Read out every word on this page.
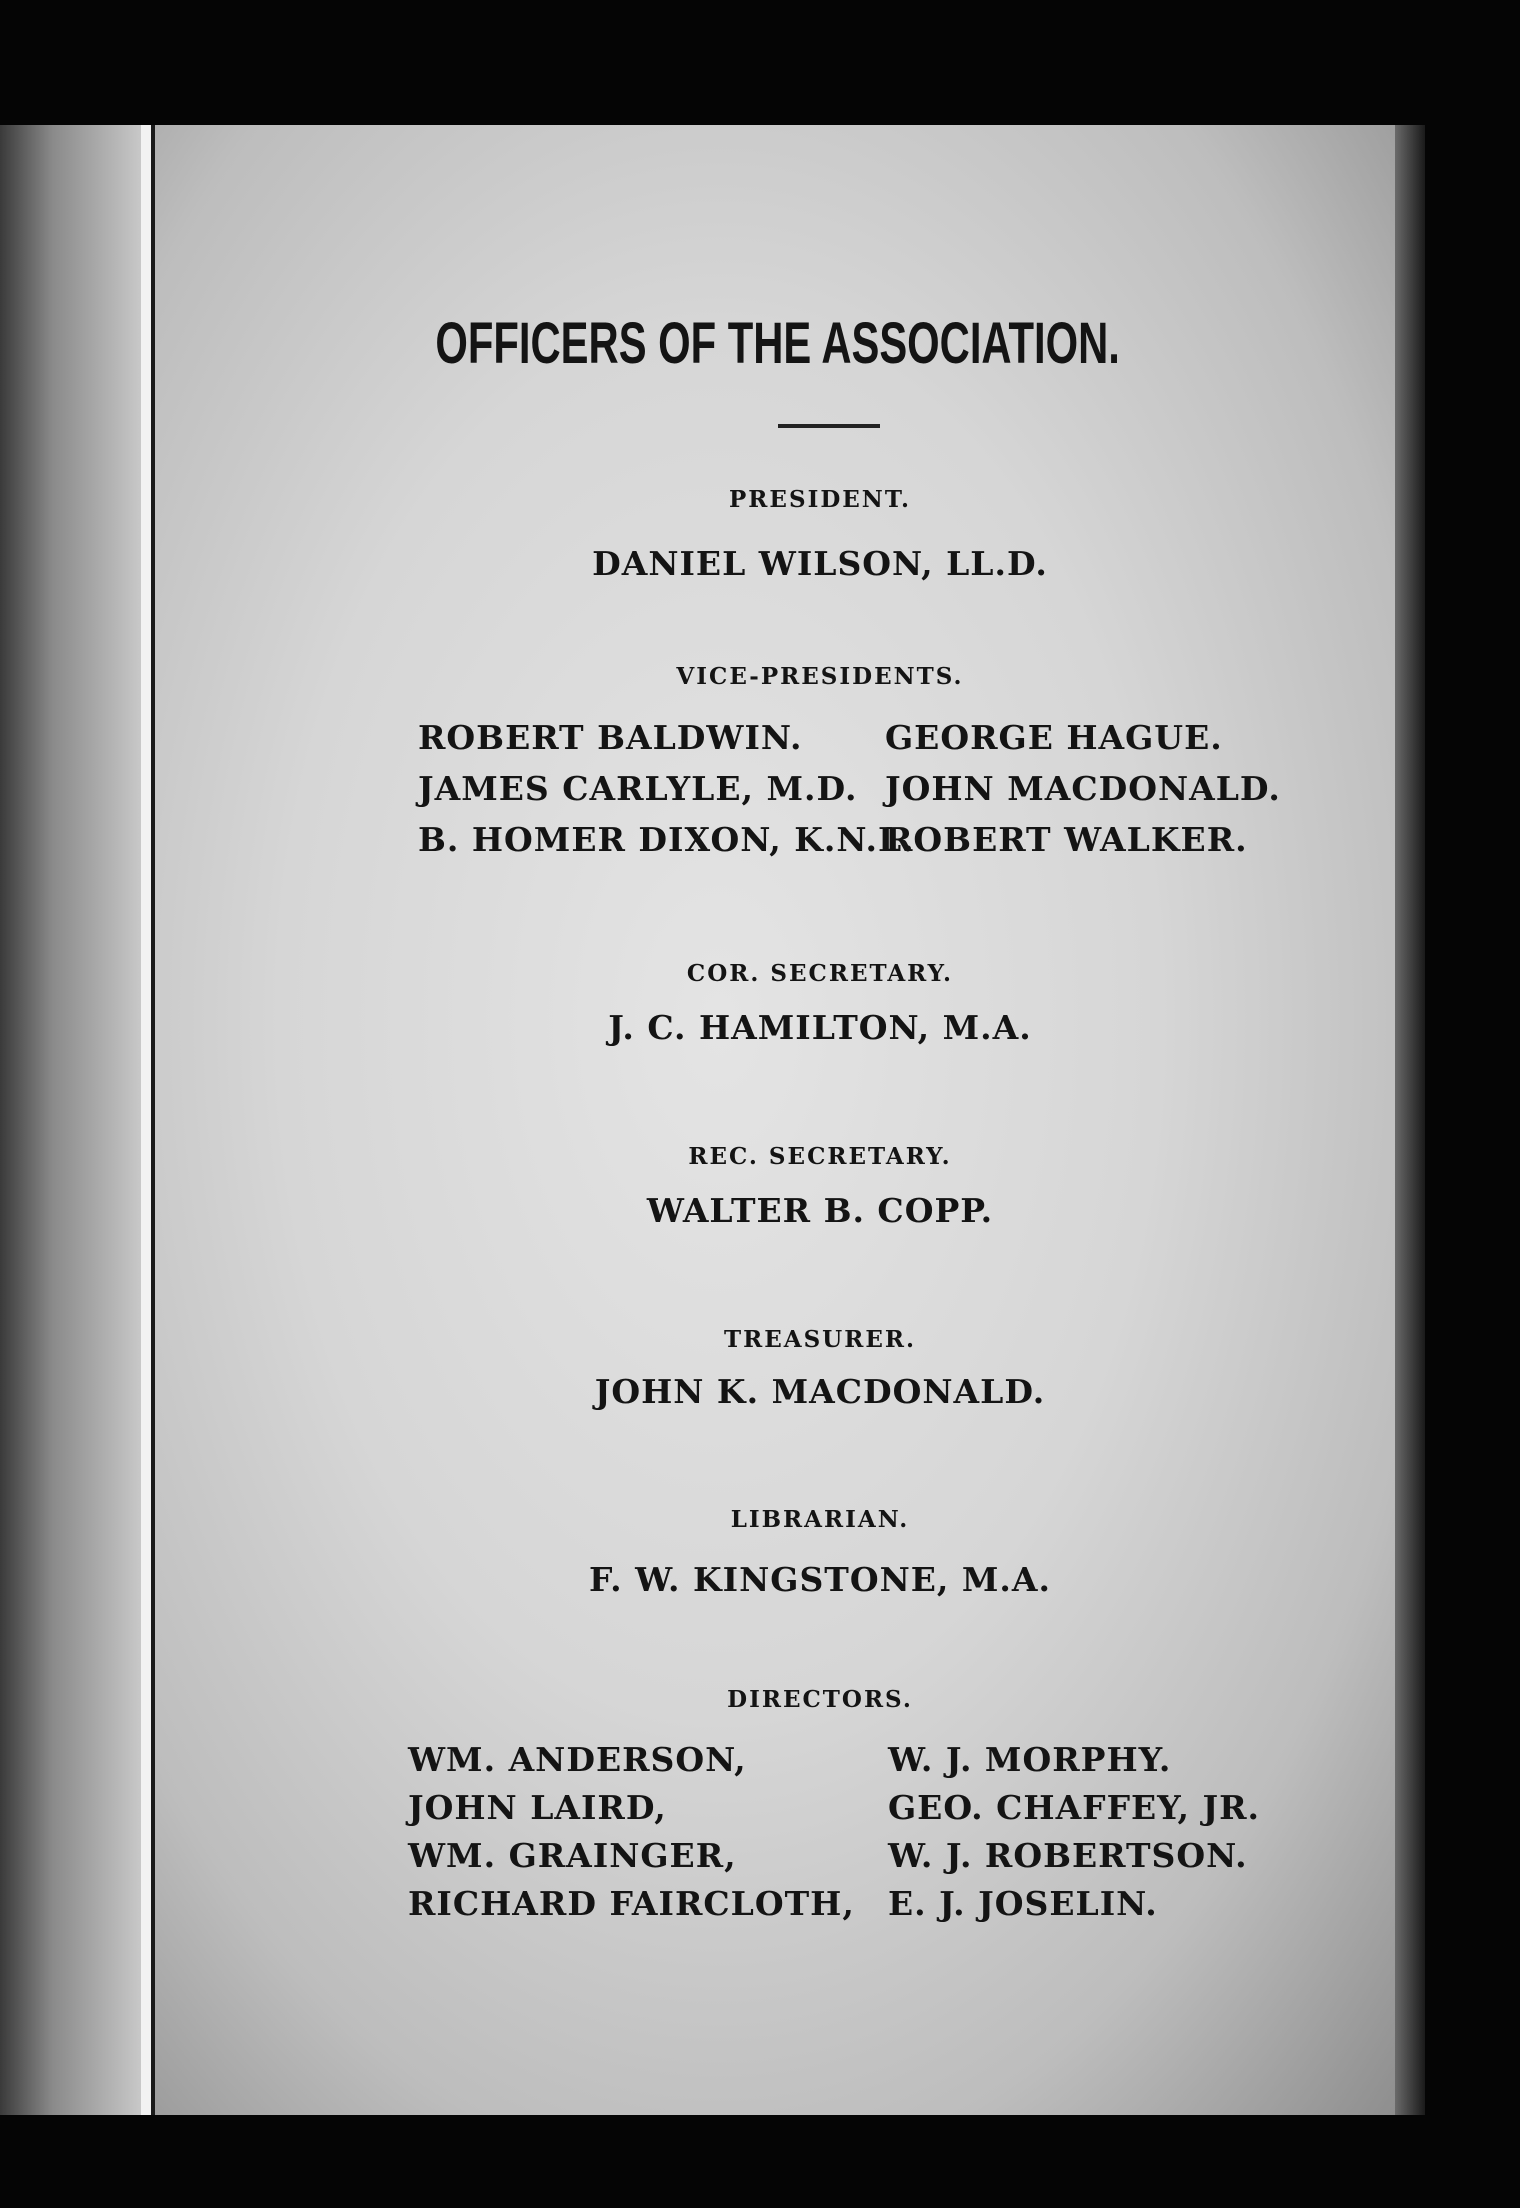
OFFICERS OF THE ASSOCIATION.
PRESIDENT.
DANIEL WILSON, LL.D.
VICE-PRESIDENTS.
ROBERT BALDWIN.
JAMES CARLYLE, M.D.
B. HOMER DIXON, K.N.L.
GEORGE HAGUE.
JOHN MACDONALD.
ROBERT WALKER.
COR. SECRETARY.
J. C. HAMILTON, M.A.
REC. SECRETARY.
WALTER B. COPP.
TREASURER.
JOHN K. MACDONALD.
LIBRARIAN.
F. W. KINGSTONE, M.A.
DIRECTORS.
WM. ANDERSON,
JOHN LAIRD,
WM. GRAINGER,
RICHARD FAIRCLOTH,
W. J. MORPHY.
GEO. CHAFFEY, JR.
W. J. ROBERTSON.
E. J. JOSELIN.
